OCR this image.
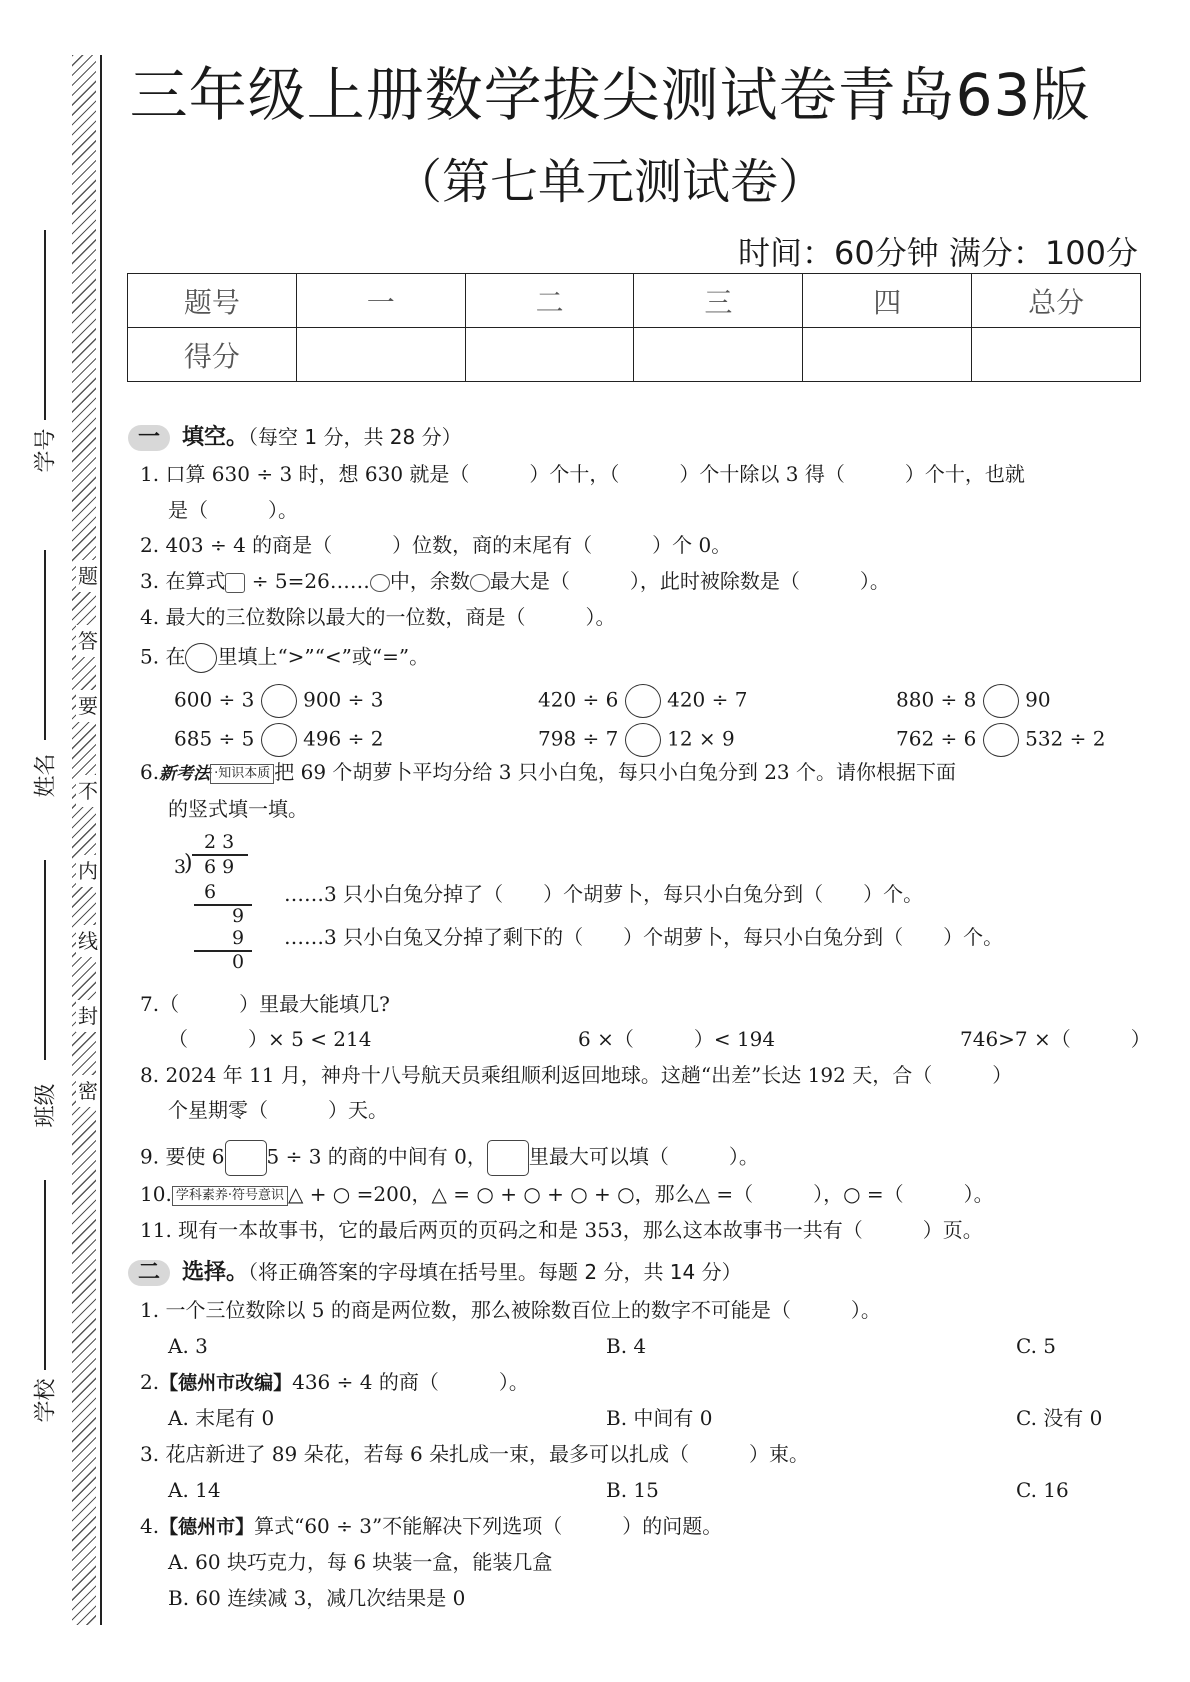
题
答
要
不
内
线
封
密
学号
姓名
班级
学校
三年级上册数学拔尖测试卷青岛63版
（第七单元测试卷）
时间：60分钟 满分：100分
题号	一	二	三	四	总分
得分					
一 填空。（每空 1 分，共 28 分）
1. 口算 630 ÷ 3 时，想 630 就是（　　　）个十，（　　　）个十除以 3 得（　　　）个十，也就
是（　　　）。
2. 403 ÷ 4 的商是（　　　）位数，商的末尾有（　　　）个 0。
3. 在算式 ÷ 5=26…… 中，余数 最大是（　　　），此时被除数是（　　　）。
4. 最大的三位数除以最大的一位数，商是（　　　）。
5. 在 里填上“>”“<”或“=”。
600 ÷ 3 900 ÷ 3	420 ÷ 6 420 ÷ 7	880 ÷ 8 90
685 ÷ 5 496 ÷ 2	798 ÷ 7 12 × 9	762 ÷ 6 532 ÷ 2
6.新考法 ·知识本质 把 69 个胡萝卜平均分给 3 只小白兔，每只小白兔分到 23 个。请你根据下面
的竖式填一填。
2 3
3
) 6 9
6
9
9
0
……3 只小白兔分掉了（　　）个胡萝卜，每只小白兔分到（　　）个。
……3 只小白兔又分掉了剩下的（　　）个胡萝卜，每只小白兔分到（　　）个。
7.（　　　）里最大能填几?
（　　　）× 5 < 214	6 ×（　　　）< 194	746>7 ×（　　　）
8. 2024 年 11 月，神舟十八号航天员乘组顺利返回地球。这趟“出差”长达 192 天，合（　　　）
个星期零（　　　）天。
9. 要使 6 5 ÷ 3 的商的中间有 0， 里最大可以填（　　　）。
10. 学科素养·符号意识 △ + ○ =200，△ = ○ + ○ + ○ + ○，那么△ =（　　　），○ =（　　　）。
11. 现有一本故事书，它的最后两页的页码之和是 353，那么这本故事书一共有（　　　）页。
二 选择。（将正确答案的字母填在括号里。每题 2 分，共 14 分）
1. 一个三位数除以 5 的商是两位数，那么被除数百位上的数字不可能是（　　　）。
A. 3	B. 4	C. 5
2.【德州市改编】436 ÷ 4 的商（　　　）。
A. 末尾有 0	B. 中间有 0	C. 没有 0
3. 花店新进了 89 朵花，若每 6 朵扎成一束，最多可以扎成（　　　）束。
A. 14	B. 15	C. 16
4.【德州市】算式“60 ÷ 3”不能解决下列选项（　　　）的问题。
A. 60 块巧克力，每 6 块装一盒，能装几盒
B. 60 连续减 3，减几次结果是 0
